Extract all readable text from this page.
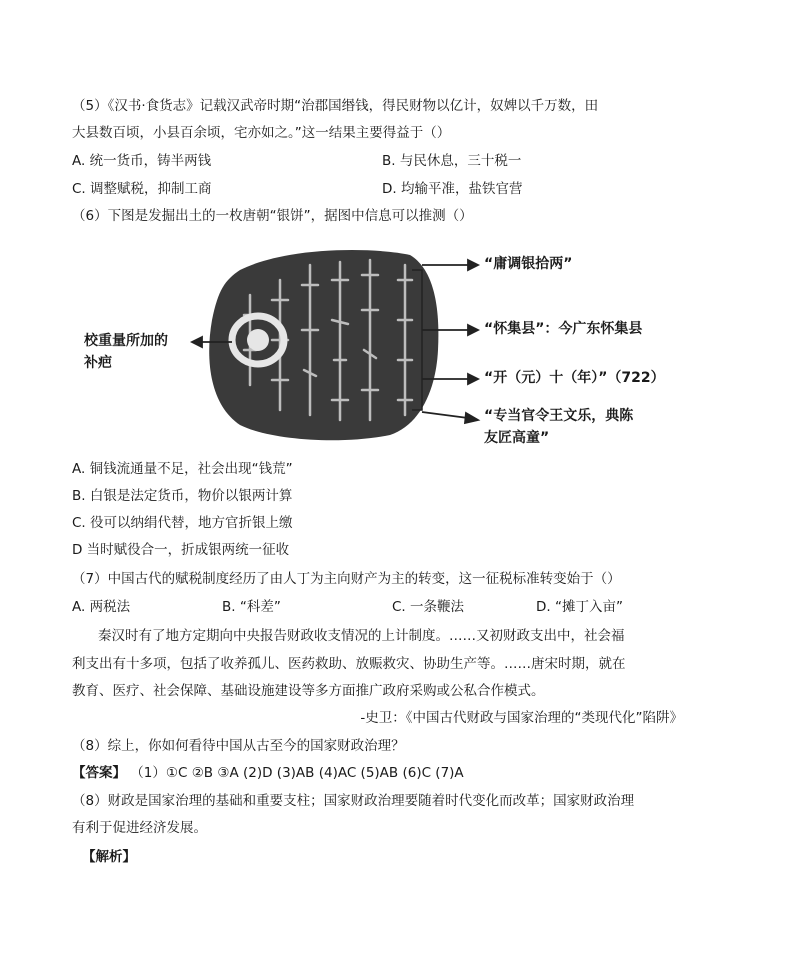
（5）《汉书·食货志》记载汉武帝时期“治郡国缗钱，得民财物以亿计，奴婢以千万数，田
大县数百顷，小县百余顷，宅亦如之。”这一结果主要得益于（）
A. 统一货币，铸半两钱	B. 与民休息，三十税一
C. 调整赋税，抑制工商	D. 均输平准，盐铁官营
（6）下图是发掘出土的一枚唐朝“银饼”，据图中信息可以推测（）
校重量所加的
补疤
“庸调银拾两”
“怀集县”：今广东怀集县
“开（元）十（年）”（722）
“专当官令王文乐，典陈
友匠高童”
A. 铜钱流通量不足，社会出现“钱荒”
B. 白银是法定货币，物价以银两计算
C. 役可以纳绢代替，地方官折银上缴
D 当时赋役合一，折成银两统一征收
（7）中国古代的赋税制度经历了由人丁为主向财产为主的转变，这一征税标准转变始于（）
A. 两税法	B. “科差”	C. 一条鞭法	D. “摊丁入亩”
秦汉时有了地方定期向中央报告财政收支情况的上计制度。……又初财政支出中，社会福
利支出有十多项，包括了收养孤儿、医药救助、放赈救灾、协助生产等。……唐宋时期，就在
教育、医疗、社会保障、基础设施建设等多方面推广政府采购或公私合作模式。
-史卫：《中国古代财政与国家治理的“类现代化”陷阱》
（8）综上，你如何看待中国从古至今的国家财政治理？
【答案】 （1）①C ②B ③A (2)D (3)AB (4)AC (5)AB (6)C (7)A
（8）财政是国家治理的基础和重要支柱；国家财政治理要随着时代变化而改革；国家财政治理
有利于促进经济发展。
【解析】
